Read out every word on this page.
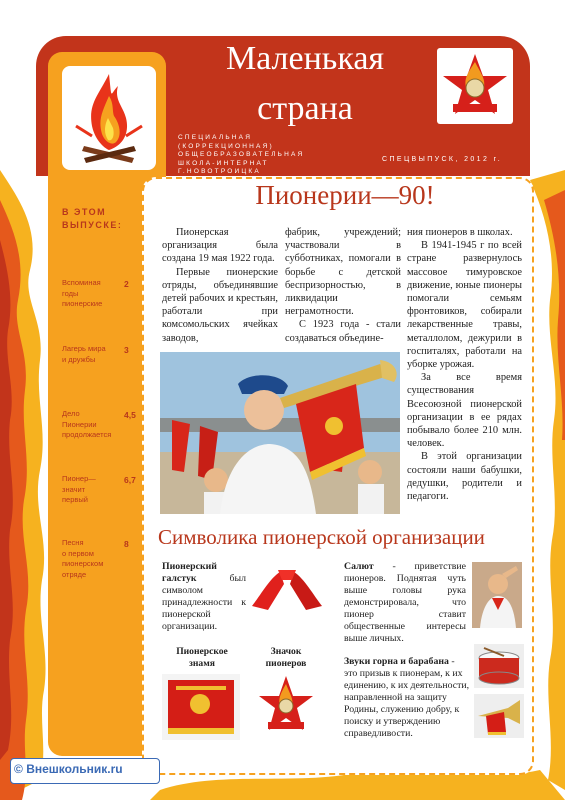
Маленькая
страна
СПЕЦИАЛЬНАЯ
(КОРРЕКЦИОННАЯ)
ОБЩЕОБРАЗОВАТЕЛЬНАЯ
ШКОЛА-ИНТЕРНАТ
Г.НОВОТРОИЦКА
СПЕЦВЫПУСК, 2012 г.
В ЭТОМ
ВЫПУСКЕ:
Вспоминая
годы
пионерские
2
Лагерь мира
и дружбы
3
Дело
Пионерии
продолжается
4,5
Пионер—
значит
первый
6,7
Песня
о первом
пионерском
отряде
8
Пионерии—90!

Пионерская организация была создана 19 мая 1922 года.

Первые пионерские отряды, объединявшие детей рабочих и крестьян, работали при комсомольских ячейках заводов,

фабрик, учреждений; участвовали в субботниках, помогали в борьбе с детской беспризорностью, в ликвидации неграмотности.

С 1923 года - стали создаваться объедине-

ния пионеров в школах.

В 1941-1945 г по всей стране развернулось массовое тимуровское движение, юные пионеры помогали семьям фронтовиков, собирали лекарственные травы, металлолом, дежурили в госпиталях, работали на уборке урожая.

За все время существования Всесоюзной пионерской организации в ее рядах побывало более 210 млн. человек.

В этой организации состояли наши бабушки, дедушки, родители и педагоги.

Символика пионерской организации
Пионерский галстук был символом принадлежности к пионерской организации.
Салют - приветствие пионеров. Поднятая чуть выше головы рука демонстрировала, что пионер ставит общественные интересы выше личных.
Пионерское
знамя
Значок
пионеров	Звуки горна и барабана - это призыв к пионерам, к их единению, к их деятельности, направленной на защиту Родины, служению добру, к поиску и утверждению справедливости.
© Внешкольник.ru
